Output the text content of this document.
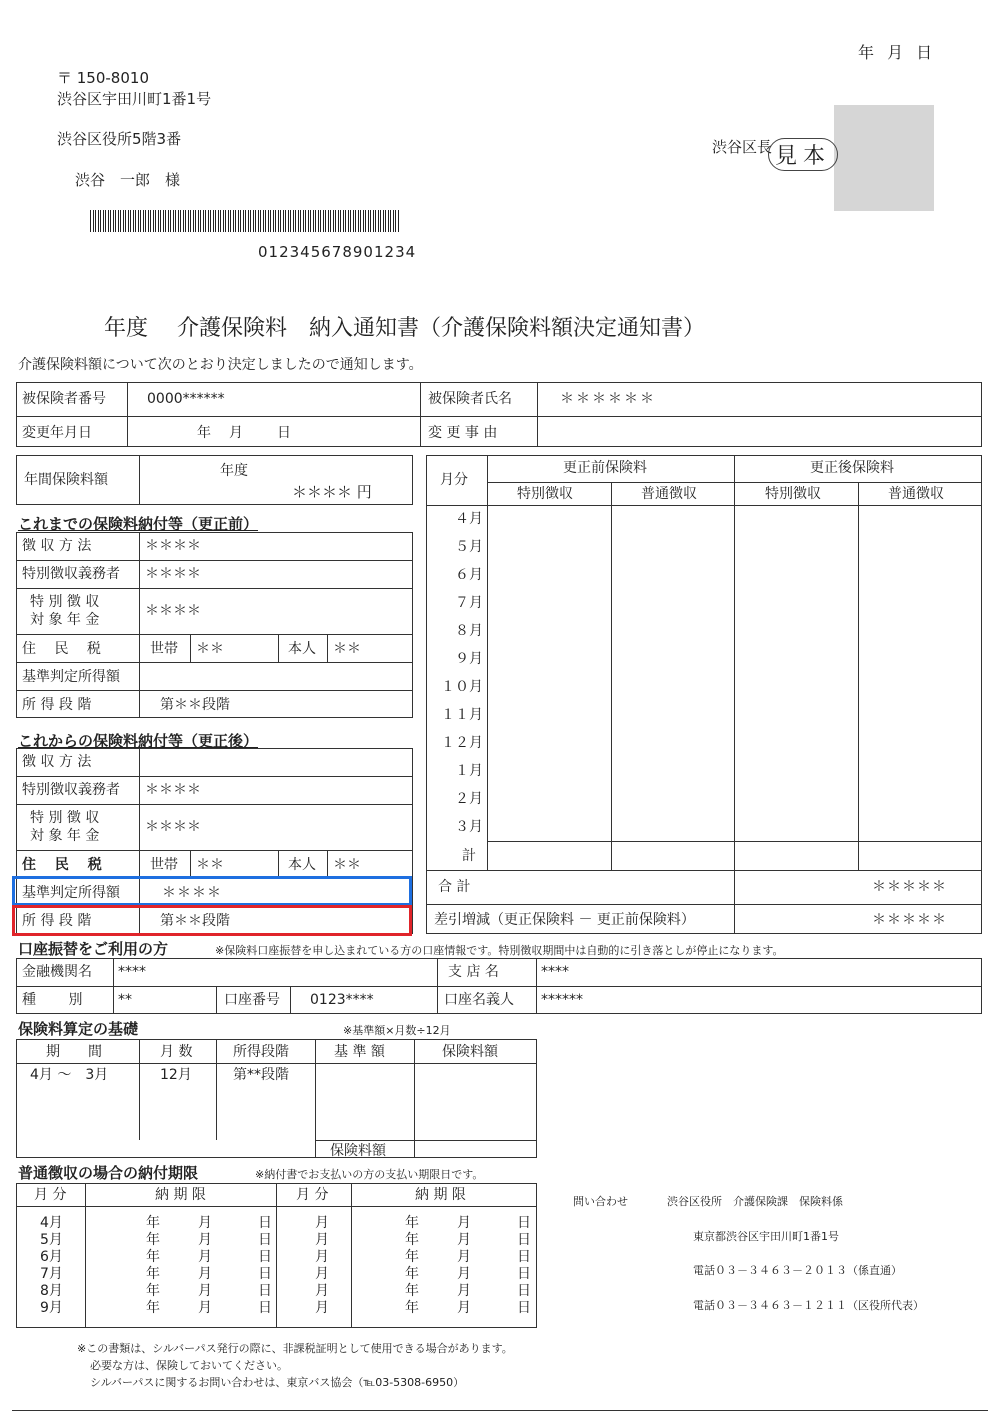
年 月 日
〒 150-8010
渋谷区宇田川町1番1号
渋谷区役所5階3番
渋谷　一郎　様
012345678901234
渋谷区長 見本
年度　 介護保険料　納入通知書（介護保険料額決定通知書）
介護保険料額について次のとおり決定しましたので通知します。
被保険者番号	0000******	被保険者氏名	＊＊＊＊＊＊
変更年月日	年　月　　日	変 更 事 由
年間保険料額
年度
＊＊＊＊ 円
これまでの保険料納付等（更正前）
徴 収 方 法	＊＊＊＊
特別徴収義務者 ＊＊＊＊
特 別 徴 収
対 象 年 金
＊＊＊＊
住　 民 　税	世帯 ＊＊	本人 ＊＊
基準判定所得額
所 得 段 階	第＊＊段階
これからの保険料納付等（更正後）
徴 収 方 法
特別徴収義務者 ＊＊＊＊
特 別 徴 収
対 象 年 金
＊＊＊＊
住　 民 　税	世帯 ＊＊	本人 ＊＊
基準判定所得額	＊＊＊＊
所 得 段 階	第＊＊段階
月分
更正前保険料	更正後保険料
特別徴収	普通徴収	特別徴収	普通徴収
４月
５月
６月
７月
８月
９月
１０月
１１月
１２月
１月
２月
３月
計
合 計	＊＊＊＊＊
差引増減（更正保険料 － 更正前保険料）	＊＊＊＊＊
口座振替をご利用の方	※保険料口座振替を申し込まれている方の口座情報です。特別徴収期間中は自動的に引き落としが停止になります。
金融機関名 ****	支 店 名	****
種　　 別	**	口座番号 0123****	口座名義人 ******
保険料算定の基礎	※基準額×月数÷12月
期　　間	月 数	所得段階	基 準 額	保険料額
4月 ～　3月	12月	第**段階
保険料額
普通徴収の場合の納付期限	※納付書でお支払いの方の支払い期限日です。
月 分	納 期 限	月 分	納 期 限
4月	年	月	日	月	年	月	日
5月	年	月	日	月	年	月	日
6月	年	月	日	月	年	月	日
7月	年	月	日	月	年	月	日
8月	年	月	日	月	年	月	日
9月	年	月	日	月	年	月	日
問い合わせ	渋谷区役所　介護保険課　保険料係
東京都渋谷区宇田川町1番1号
電話０３－３４６３－２０１３（係直通）
電話０３－３４６３－１２１１（区役所代表）
※この書類は、シルバーパス発行の際に、非課税証明として使用できる場合があります。
必要な方は、保険しておいてください。
シルバーパスに関するお問い合わせは、東京バス協会（℡03-5308-6950）
